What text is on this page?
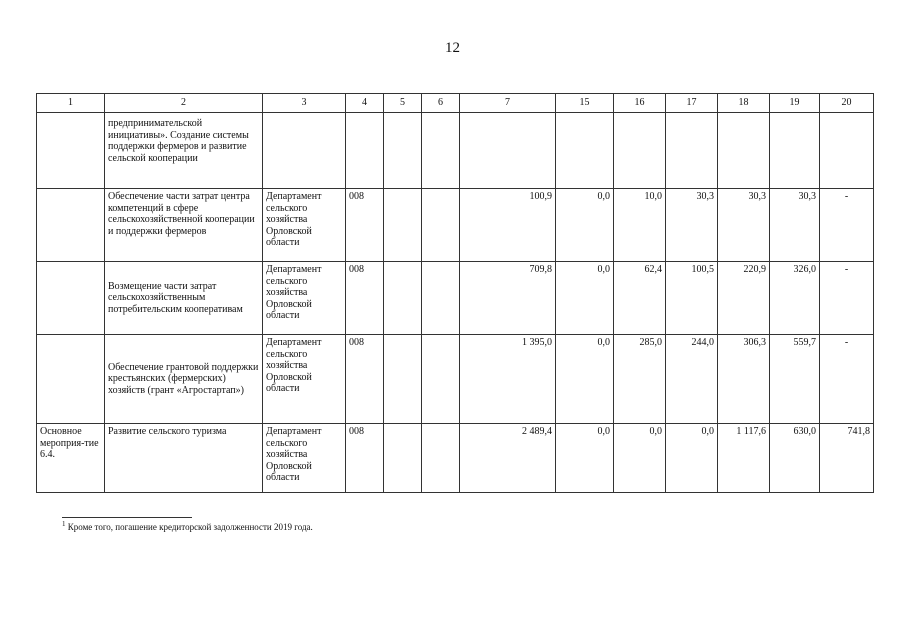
12
1	2	3	4	5	6	7	15	16	17	18	19	20
	предпринимательской инициативы». Создание системы поддержки фермеров и развитие сельской кооперации											
	Обеспечение части затрат центра компетенций в сфере сельскохозяйственной кооперации и поддержки фермеров	Департамент сельского хозяйства Орловской области	008			100,9	0,0	10,0	30,3	30,3	30,3	-
	Возмещение части затрат сельскохозяйственным потребительским кооперативам	Департамент сельского хозяйства Орловской области	008			709,8	0,0	62,4	100,5	220,9	326,0	-
	Обеспечение грантовой поддержки крестьянских (фермерских) хозяйств (грант «Агростартап»)	Департамент сельского хозяйства Орловской области	008			1 395,0	0,0	285,0	244,0	306,3	559,7	-
Основное мероприя-тие 6.4.	Развитие сельского туризма	Департамент сельского хозяйства Орловской области	008			2 489,4	0,0	0,0	0,0	1 117,6	630,0	741,8
$^1$ Кроме того, погашение кредиторской задолженности 2019 года.
